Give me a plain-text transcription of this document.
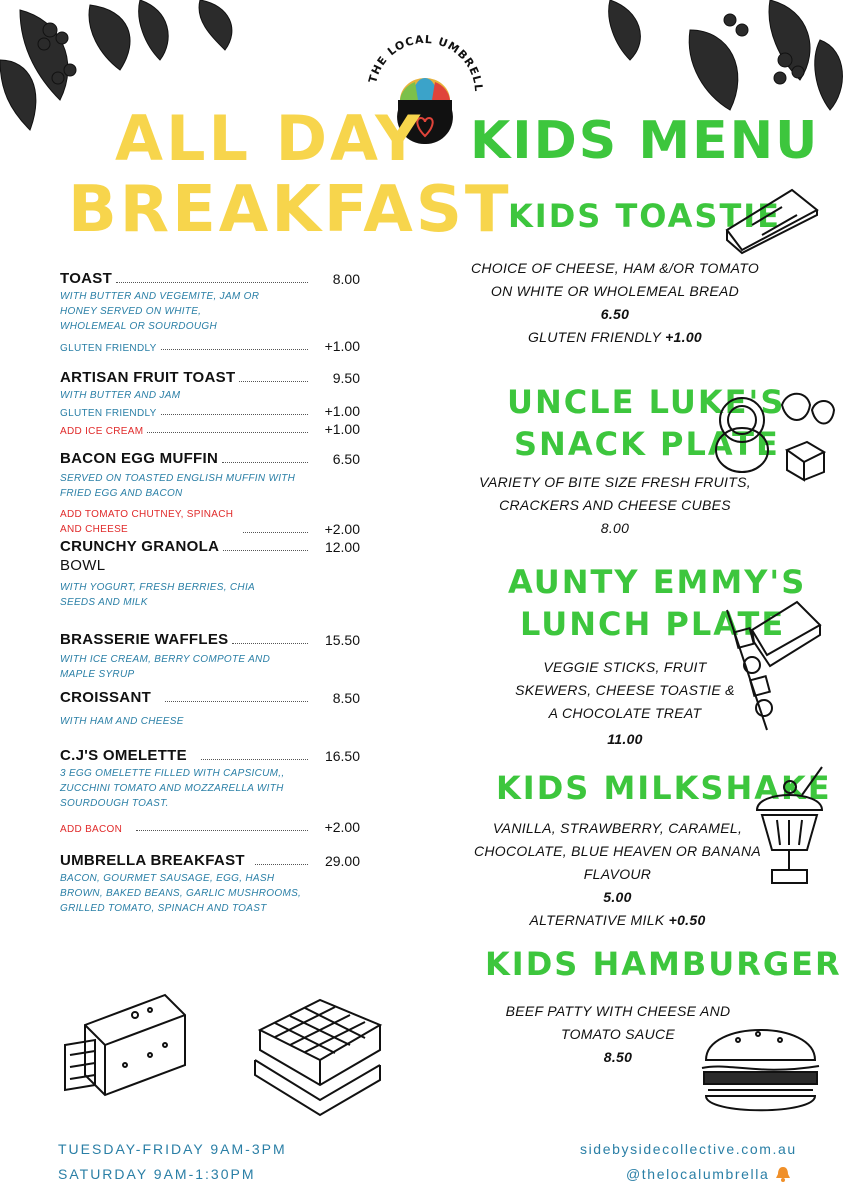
THE LOCAL UMBRELLA
ALL DAY
BREAKFAST
KIDS MENU
TOAST	8.00
WITH BUTTER AND VEGEMITE, JAM OR
HONEY SERVED ON WHITE,
WHOLEMEAL OR SOURDOUGH
GLUTEN FRIENDLY	+1.00
ARTISAN FRUIT TOAST	9.50
WITH BUTTER AND JAM
GLUTEN FRIENDLY	+1.00
ADD ICE CREAM	+1.00
BACON EGG MUFFIN	6.50
SERVED ON TOASTED ENGLISH MUFFIN WITH
FRIED EGG AND BACON
ADD TOMATO CHUTNEY, SPINACH
AND CHEESE	+2.00
CRUNCHY GRANOLA	12.00
BOWL
WITH YOGURT, FRESH BERRIES, CHIA
SEEDS AND MILK
BRASSERIE WAFFLES	15.50
WITH ICE CREAM, BERRY COMPOTE AND
MAPLE SYRUP
CROISSANT	8.50
WITH HAM AND CHEESE
C.J'S OMELETTE	16.50
3 EGG OMELETTE FILLED WITH CAPSICUM,,
ZUCCHINI TOMATO AND MOZZARELLA WITH
SOURDOUGH TOAST.
ADD BACON	+2.00
UMBRELLA BREAKFAST	29.00
BACON, GOURMET SAUSAGE, EGG, HASH
BROWN, BAKED BEANS, GARLIC MUSHROOMS,
GRILLED TOMATO, SPINACH AND TOAST
KIDS TOASTIE
CHOICE OF CHEESE, HAM &/OR TOMATO
ON WHITE OR WHOLEMEAL BREAD
6.50
GLUTEN FRIENDLY +1.00
UNCLE LUKE'S
SNACK PLATE
VARIETY OF BITE SIZE FRESH FRUITS,
CRACKERS AND CHEESE CUBES
8.00
AUNTY EMMY'S
LUNCH PLATE
VEGGIE STICKS, FRUIT
SKEWERS, CHEESE TOASTIE &
A CHOCOLATE TREAT
11.00
KIDS MILKSHAKE
VANILLA, STRAWBERRY, CARAMEL,
CHOCOLATE, BLUE HEAVEN OR BANANA
FLAVOUR
5.00
ALTERNATIVE MILK +0.50
KIDS HAMBURGER
BEEF PATTY WITH CHEESE AND
TOMATO SAUCE
8.50
TUESDAY-FRIDAY 9AM-3PM
SATURDAY 9AM-1:30PM
sidebysidecollective.com.au
@thelocalumbrella
